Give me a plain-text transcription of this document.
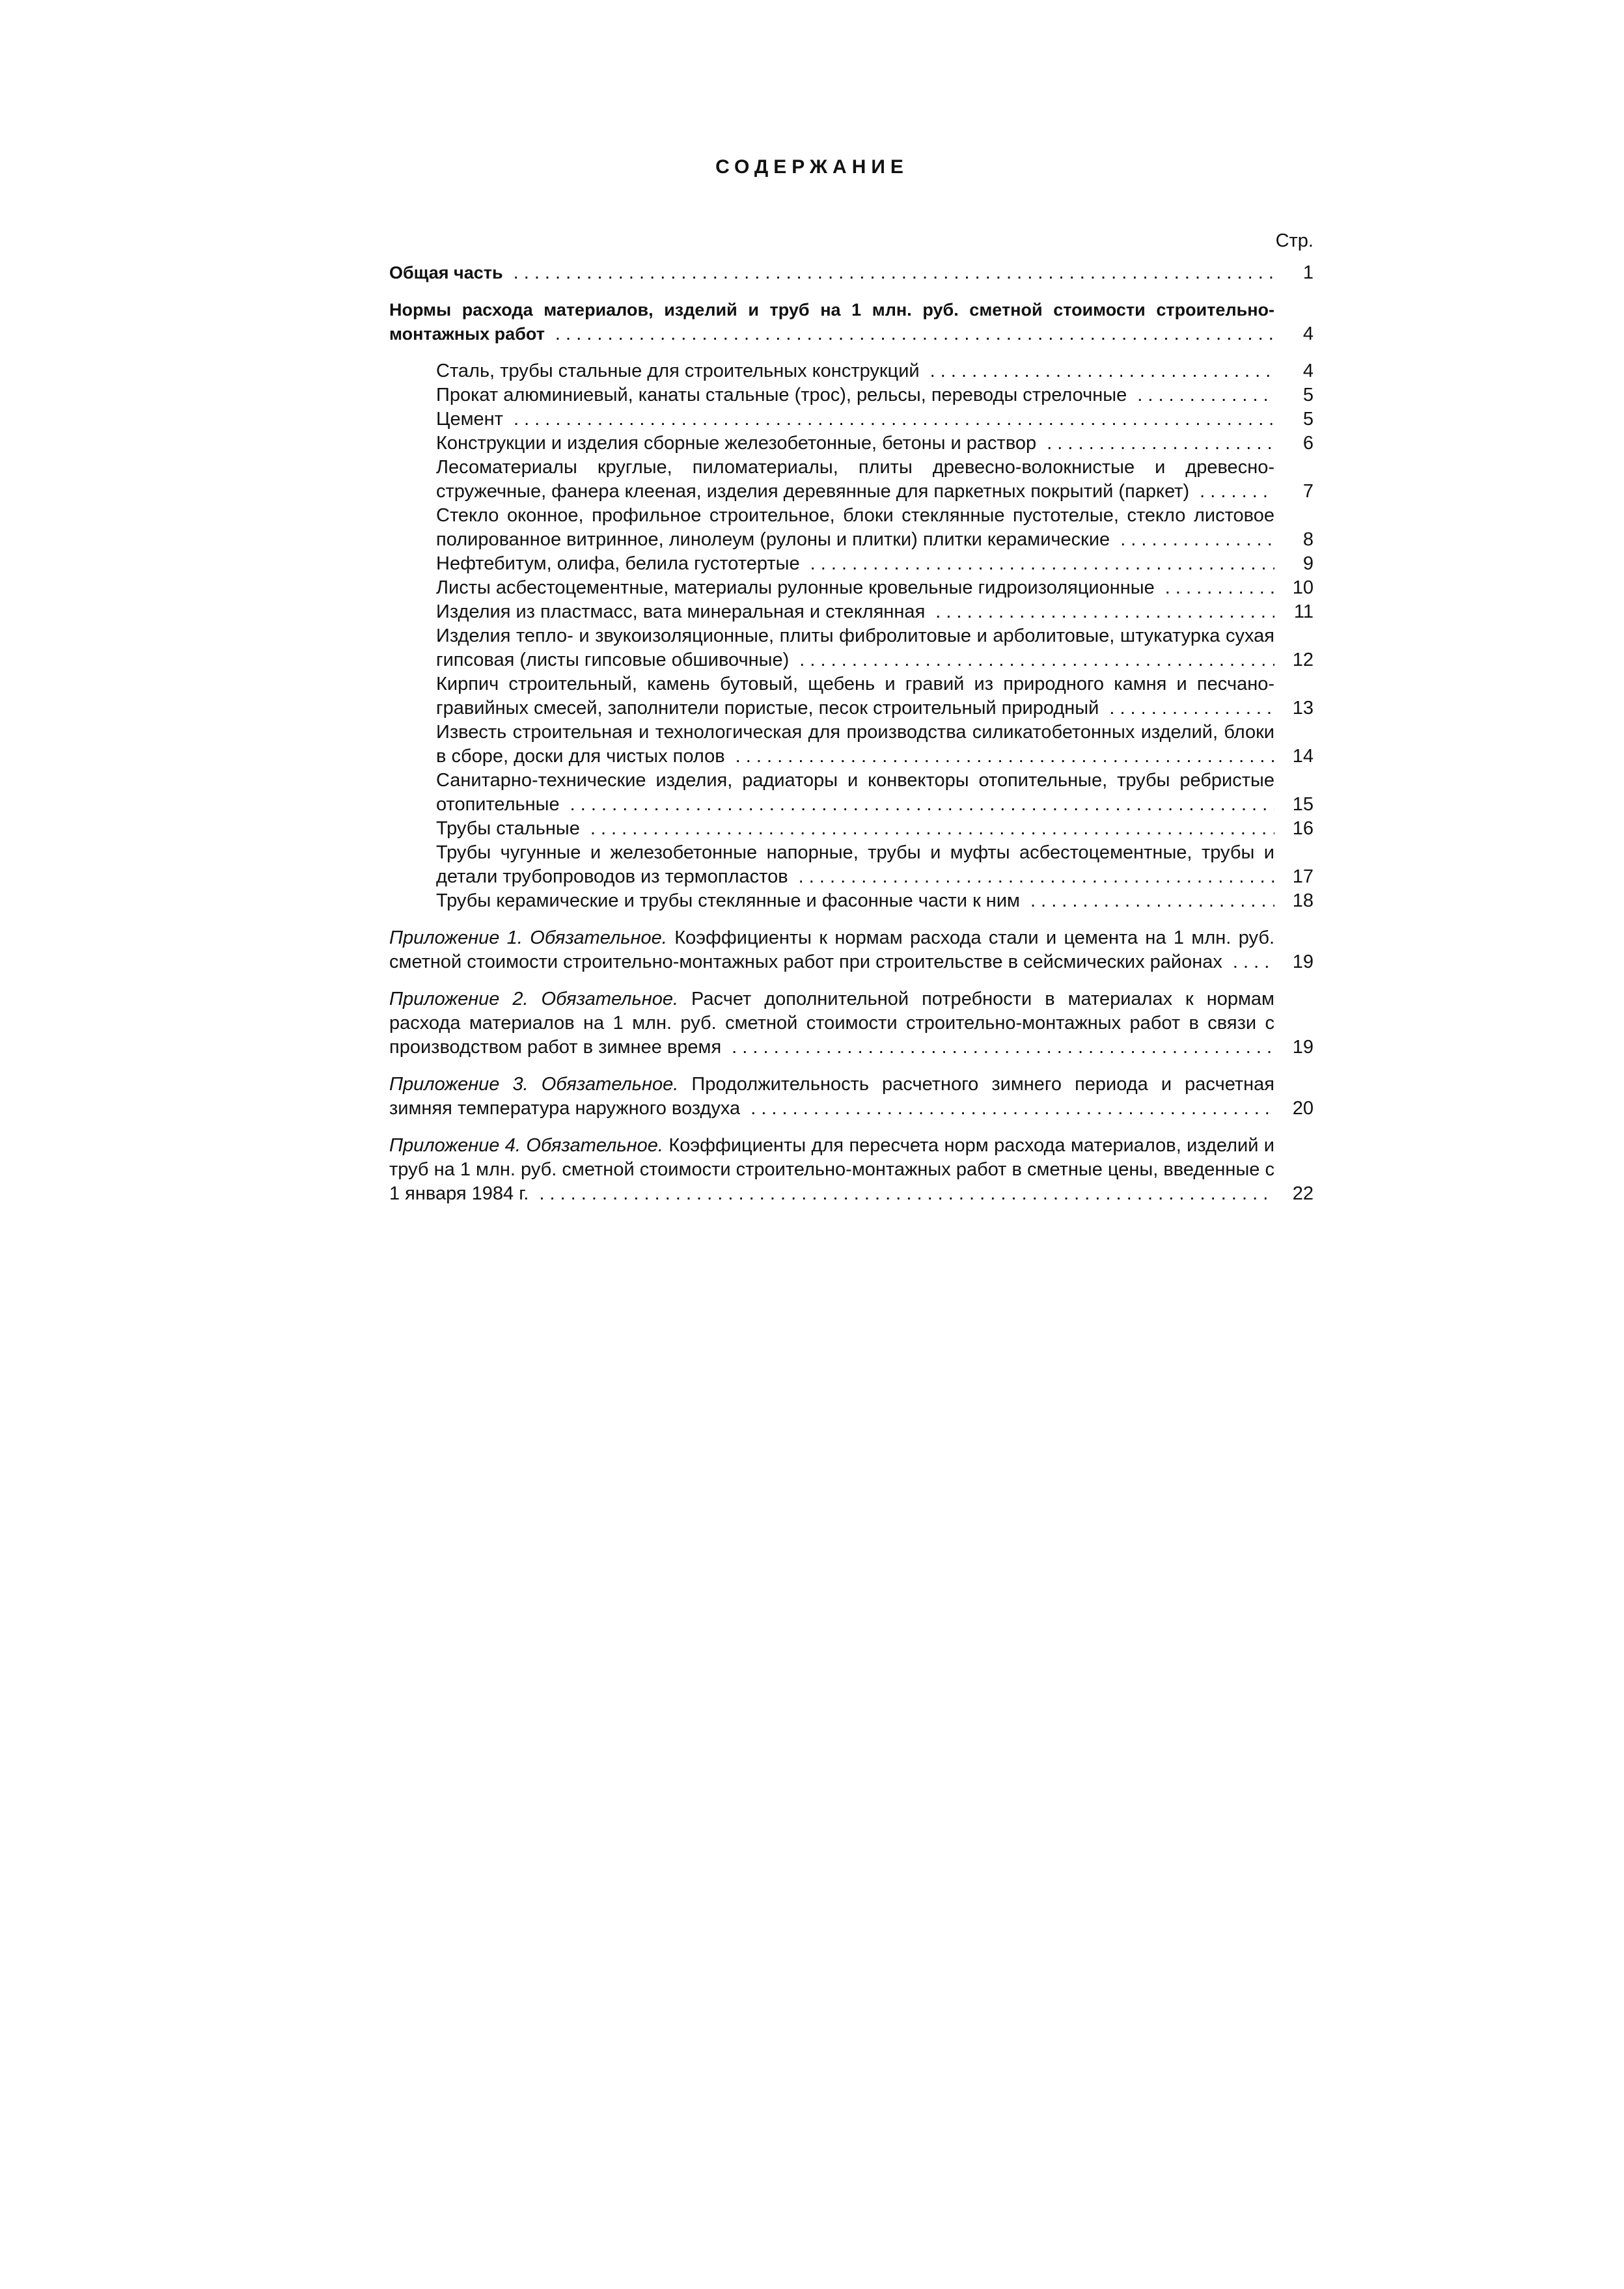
СОДЕРЖАНИЕ
Стр.
Общая часть . . .	1
Нормы расхода материалов, изделий и труб на 1 млн. руб. сметной стоимости строительно-монтажных работ . . .	4
Сталь, трубы стальные для строительных конструкций . . .	4
Прокат алюминиевый, канаты стальные (трос), рельсы, переводы стрелочные . . .	5
Цемент . . .	5
Конструкции и изделия сборные железобетонные, бетоны и раствор . . .	6
Лесоматериалы круглые, пиломатериалы, плиты древесно-волокнистые и древесно-стружечные, фанера клееная, изделия деревянные для паркетных покрытий (паркет) . . .	7
Стекло оконное, профильное строительное, блоки стеклянные пустотелые, стекло листовое полированное витринное, линолеум (рулоны и плитки) плитки керамические . . .	8
Нефтебитум, олифа, белила густотертые . . .	9
Листы асбестоцементные, материалы рулонные кровельные гидроизоляционные . . .	10
Изделия из пластмасс, вата минеральная и стеклянная . . .	11
Изделия тепло- и звукоизоляционные, плиты фибролитовые и арболитовые, штукатурка сухая гипсовая (листы гипсовые обшивочные) . . .	12
Кирпич строительный, камень бутовый, щебень и гравий из природного камня и песчано-гравийных смесей, заполнители пористые, песок строительный природный . . .	13
Известь строительная и технологическая для производства силикатобетонных изделий, блоки в сборе, доски для чистых полов . . .	14
Санитарно-технические изделия, радиаторы и конвекторы отопительные, трубы ребристые отопительные . . .	15
Трубы стальные . . .	16
Трубы чугунные и железобетонные напорные, трубы и муфты асбестоцементные, трубы и детали трубопроводов из термопластов . . .	17
Трубы керамические и трубы стеклянные и фасонные части к ним . . .	18
Приложение 1. Обязательное. Коэффициенты к нормам расхода стали и цемента на 1 млн. руб. сметной стоимости строительно-монтажных работ при строительстве в сейсмических районах . . .	19
Приложение 2. Обязательное. Расчет дополнительной потребности в материалах к нормам расхода материалов на 1 млн. руб. сметной стоимости строительно-монтажных работ в связи с производством работ в зимнее время . . .	19
Приложение 3. Обязательное. Продолжительность расчетного зимнего периода и расчетная зимняя температура наружного воздуха . . .	20
Приложение 4. Обязательное. Коэффициенты для пересчета норм расхода материалов, изделий и труб на 1 млн. руб. сметной стоимости строительно-монтажных работ в сметные цены, введенные с 1 января 1984 г. . . .	22
